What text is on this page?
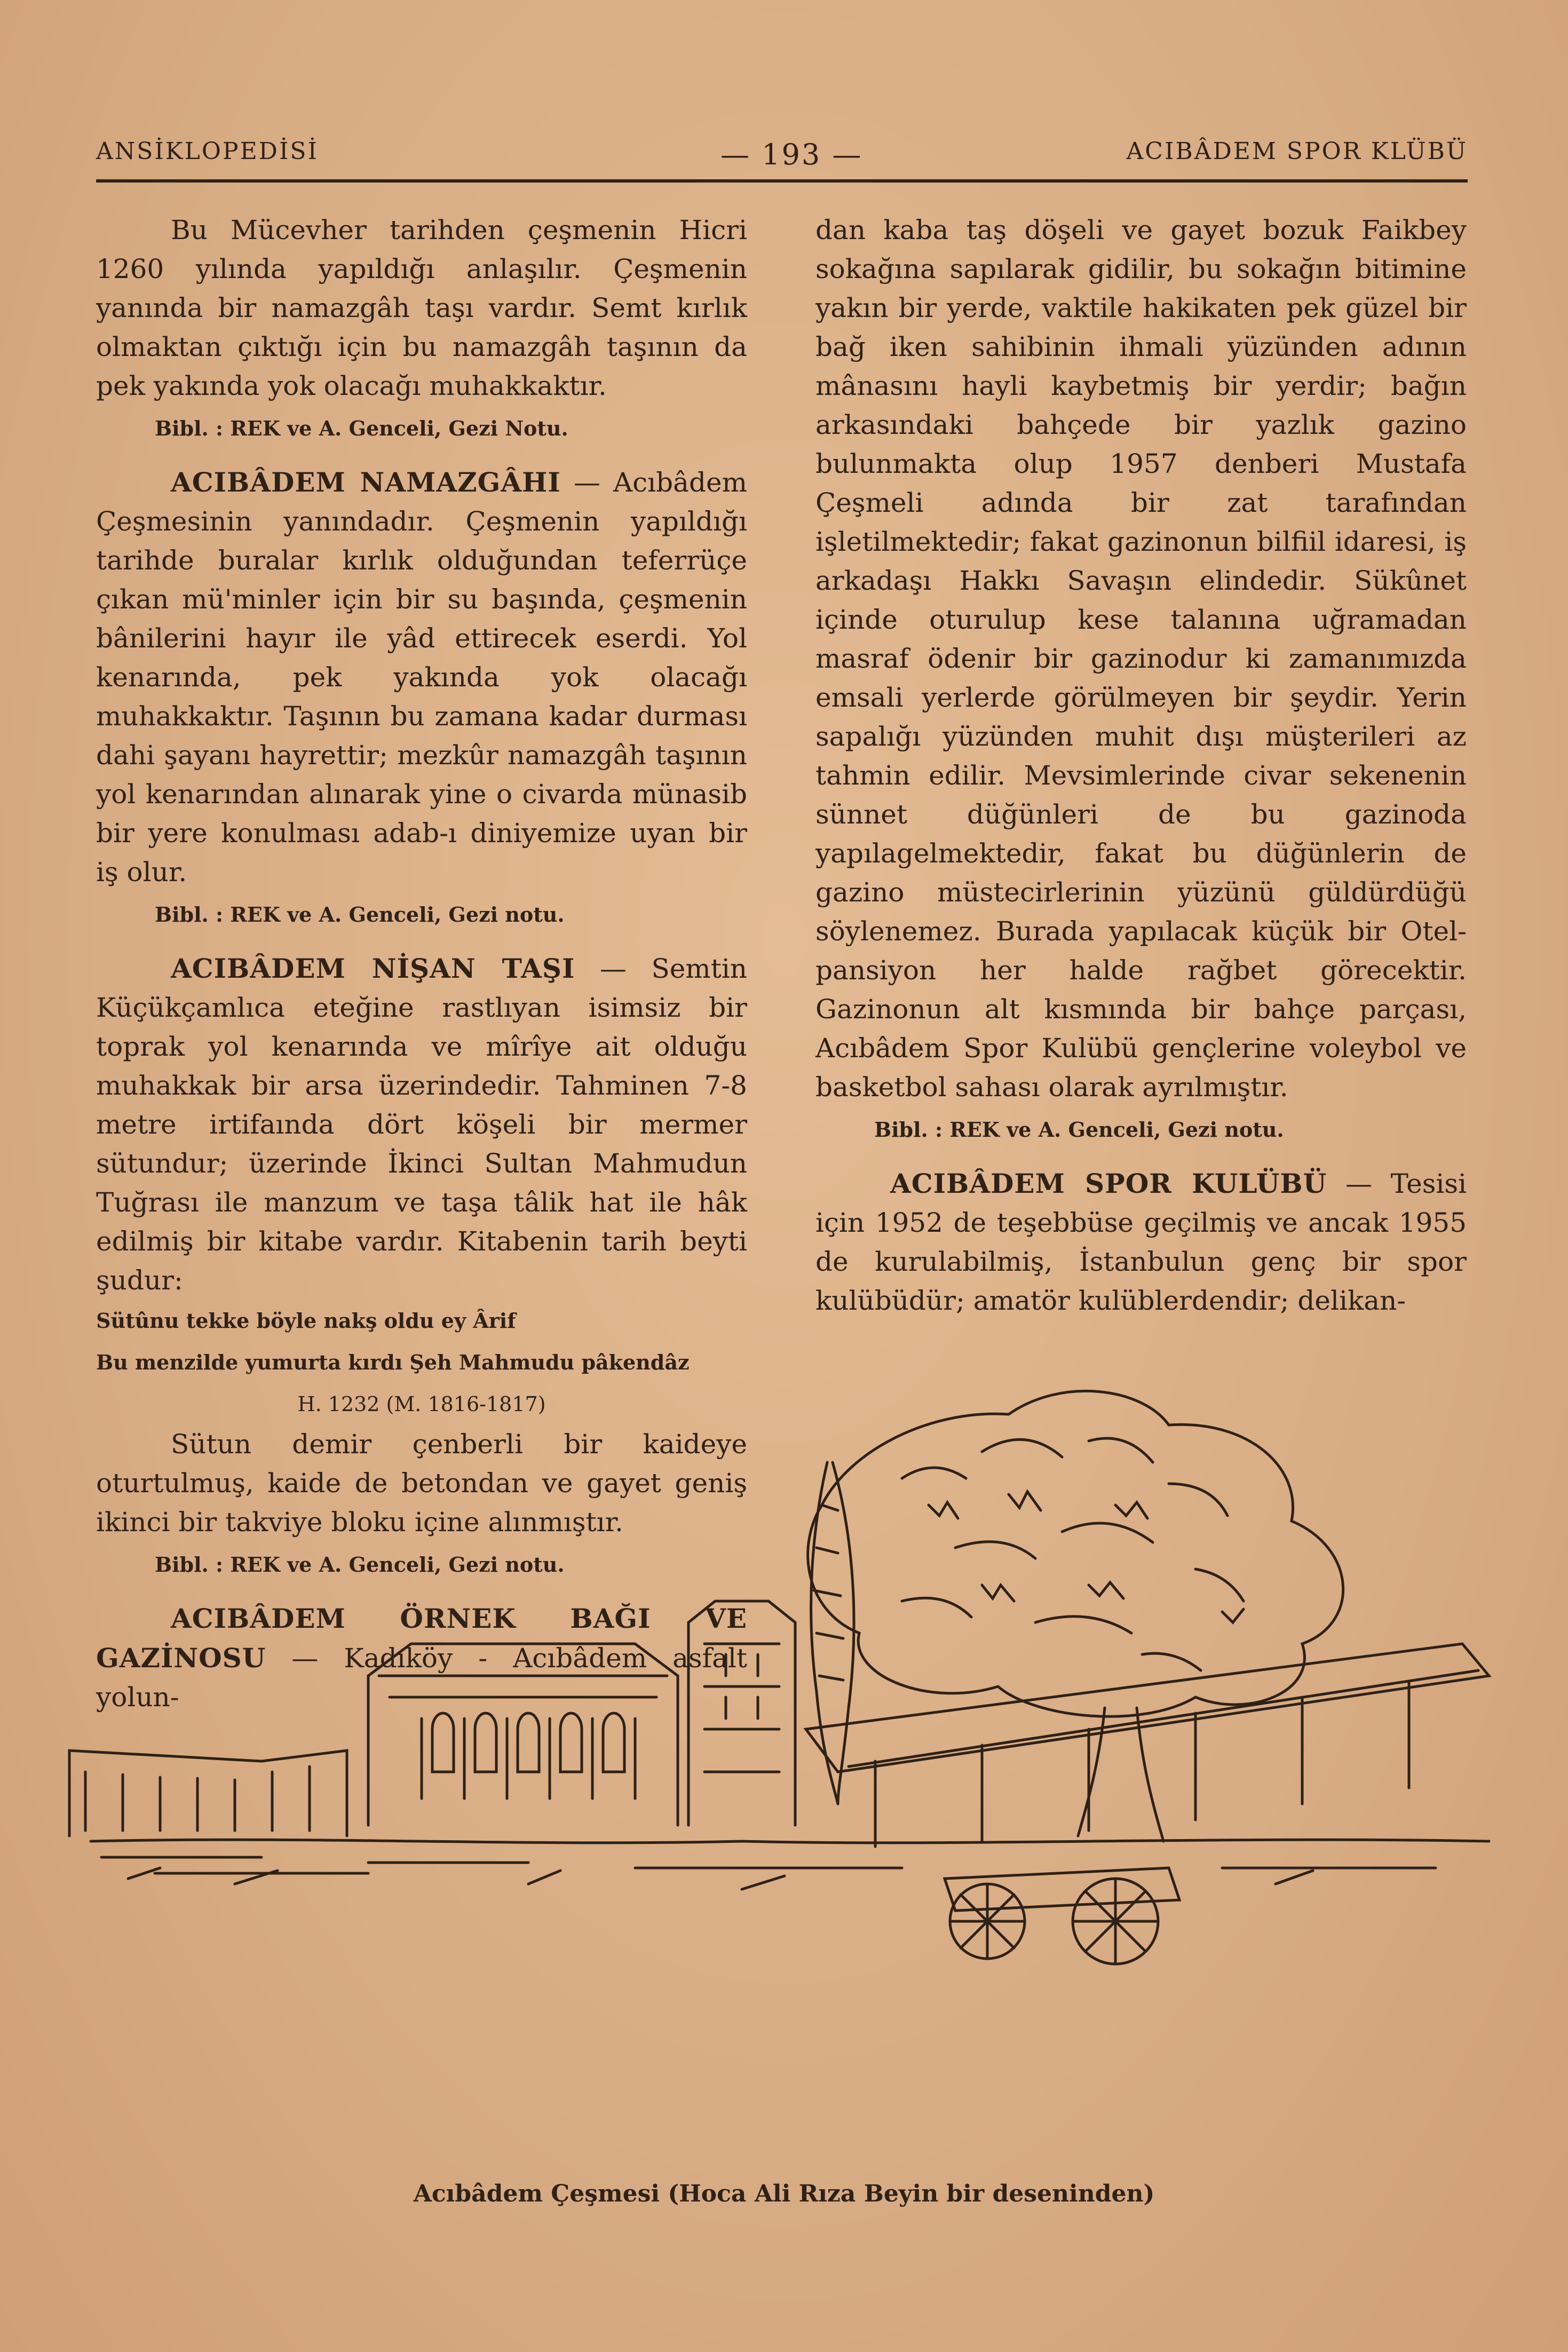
ANSİKLOPEDİSİ	— 193 —	ACIBÂDEM SPOR KLÜBÜ

Bu Mücevher tarihden çeşmenin Hicri 1260 yılında yapıldığı anlaşılır. Çeşmenin yanında bir namazgâh taşı vardır. Semt kırlık olmaktan çıktığı için bu namazgâh taşının da pek yakında yok olacağı muhakkaktır.

Bibl. : REK ve A. Genceli, Gezi Notu.

ACIBÂDEM NAMAZGÂHI — Acıbâdem Çeşmesinin yanındadır. Çeşmenin yapıldığı tarihde buralar kırlık olduğundan teferrüçe çıkan mü'minler için bir su başında, çeşmenin bânilerini hayır ile yâd ettirecek eserdi. Yol kenarında, pek yakında yok olacağı muhakkaktır. Taşının bu zamana kadar durması dahi şayanı hayrettir; mezkûr namazgâh taşının yol kenarından alınarak yine o civarda münasib bir yere konulması adab-ı diniyemize uyan bir iş olur.

Bibl. : REK ve A. Genceli, Gezi notu.

ACIBÂDEM NİŞAN TAŞI — Semtin Küçükçamlıca eteğine rastlıyan isimsiz bir toprak yol kenarında ve mîrîye ait olduğu muhakkak bir arsa üzerindedir. Tahminen 7-8 metre irtifaında dört köşeli bir mermer sütundur; üzerinde İkinci Sultan Mahmudun Tuğrası ile manzum ve taşa tâlik hat ile hâk edilmiş bir kitabe vardır. Kitabenin tarih beyti şudur:

Sütûnu tekke böyle nakş oldu ey Ârif

Bu menzilde yumurta kırdı Şeh Mahmudu pâkendâz

H. 1232 (M. 1816-1817)

Sütun demir çenberli bir kaideye oturtulmuş, kaide de betondan ve gayet geniş ikinci bir takviye bloku içine alınmıştır.

Bibl. : REK ve A. Genceli, Gezi notu.

ACIBÂDEM ÖRNEK BAĞI VE GAZİNOSU — Kadıköy - Acıbâdem asfalt yolun-

dan kaba taş döşeli ve gayet bozuk Faikbey sokağına sapılarak gidilir, bu sokağın bitimine yakın bir yerde, vaktile hakikaten pek güzel bir bağ iken sahibinin ihmali yüzünden adının mânasını hayli kaybetmiş bir yerdir; bağın arkasındaki bahçede bir yazlık gazino bulunmakta olup 1957 denberi Mustafa Çeşmeli adında bir zat tarafından işletilmektedir; fakat gazinonun bilfiil idaresi, iş arkadaşı Hakkı Savaşın elindedir. Sükûnet içinde oturulup kese talanına uğramadan masraf ödenir bir gazinodur ki zamanımızda emsali yerlerde görülmeyen bir şeydir. Yerin sapalığı yüzünden muhit dışı müşterileri az tahmin edilir. Mevsimlerinde civar sekenenin sünnet düğünleri de bu gazinoda yapılagelmektedir, fakat bu düğünlerin de gazino müstecirlerinin yüzünü güldürdüğü söylenemez. Burada yapılacak küçük bir Otel-pansiyon her halde rağbet görecektir. Gazinonun alt kısmında bir bahçe parçası, Acıbâdem Spor Kulübü gençlerine voleybol ve basketbol sahası olarak ayrılmıştır.

Bibl. : REK ve A. Genceli, Gezi notu.

ACIBÂDEM SPOR KULÜBÜ — Tesisi için 1952 de teşebbüse geçilmiş ve ancak 1955 de kurulabilmiş, İstanbulun genç bir spor kulübüdür; amatör kulüblerdendir; delikan-

Acıbâdem Çeşmesi (Hoca Ali Rıza Beyin bir deseninden)
